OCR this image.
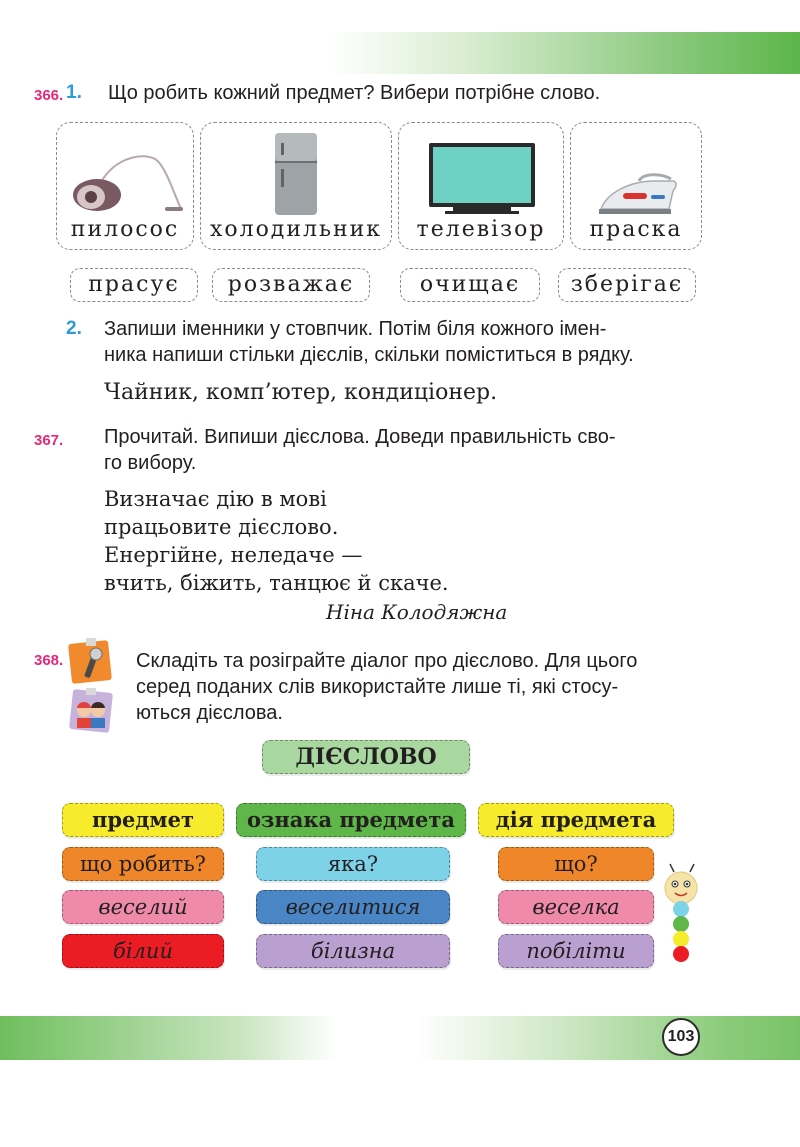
103
366. 1. Що робить кожний предмет? Вибери потрібне слово.
пилосос	холодильник	телевізор	праска
прасує	розважає	очищає	зберігає
2. Запиши іменники у стовпчик. Потім біля кожного імен-
ника напиши стільки дієслів, скільки поміститься в рядку.
Чайник, комп’ютер, кондиціонер.
367. Прочитай. Випиши дієслова. Доведи правильність сво-
го вибору.
Визначає дію в мові
працьовите дієслово.
Енергійне, неледаче —
вчить, біжить, танцює й скаче.
Ніна Колодяжна
368.	Складіть та розіграйте діалог про дієслово. Для цього
серед поданих слів використайте лише ті, які стосу-
ються дієслова.
ДІЄСЛОВО
предмет	ознака предмета	дія предмета
що робить?	яка?	що?
веселий	веселитися	веселка
білий	білизна	побіліти
